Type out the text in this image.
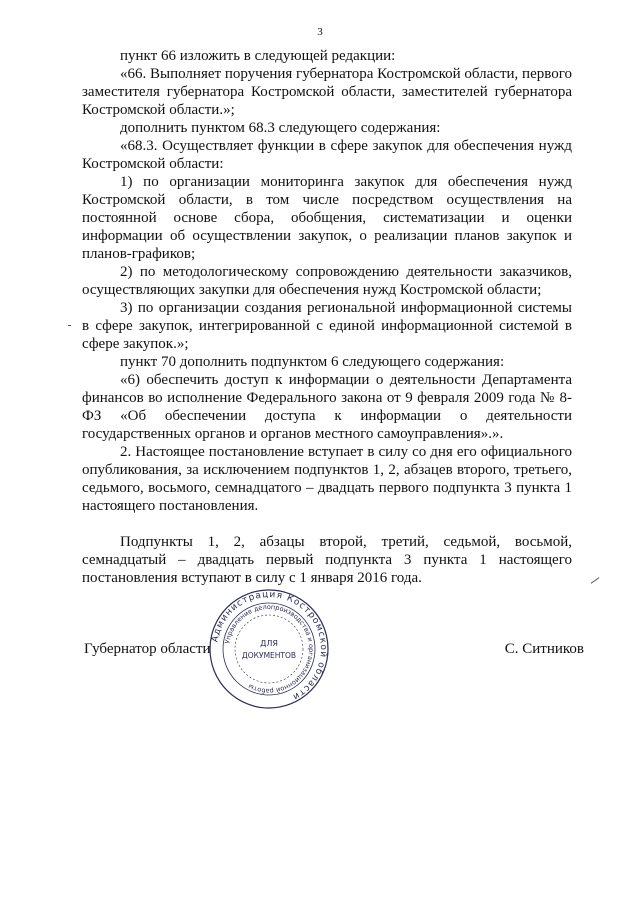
3

пункт 66 изложить в следующей редакции:

«66. Выполняет поручения губернатора Костромской области, первого заместителя губернатора Костромской области, заместителей губернатора Костромской области.»;

дополнить пунктом 68.3 следующего содержания:

«68.3. Осуществляет функции в сфере закупок для обеспечения нужд Костромской области:

1) по организации мониторинга закупок для обеспечения нужд Костромской области, в том числе посредством осуществления на постоянной основе сбора, обобщения, систематизации и оценки информации об осуществлении закупок, о реализации планов закупок и планов-графиков;

2) по методологическому сопровождению деятельности заказчиков, осуществляющих закупки для обеспечения нужд Костромской области;

3) по организации создания региональной информационной системы в сфере закупок, интегрированной с единой информационной системой в сфере закупок.»;

пункт 70 дополнить подпунктом 6 следующего содержания:

«6) обеспечить доступ к информации о деятельности Департамента финансов во исполнение Федерального закона от 9 февраля 2009 года № 8-ФЗ «Об обеспечении доступа к информации о деятельности государственных органов и органов местного самоуправления».».

2. Настоящее постановление вступает в силу со дня его официального опубликования, за исключением подпунктов 1, 2, абзацев второго, третьего, седьмого, восьмого, семнадцатого – двадцать первого подпункта 3 пункта 1 настоящего постановления.

Подпункты 1, 2, абзацы второй, третий, седьмой, восьмой, семнадцатый – двадцать первый подпункта 3 пункта 1 настоящего постановления вступают в силу с 1 января 2016 года.

Губернатор области	С. Ситников
Администрация Костромской области
Управление делопроизводства и организационной работы
ДЛЯ
ДОКУМЕНТОВ
